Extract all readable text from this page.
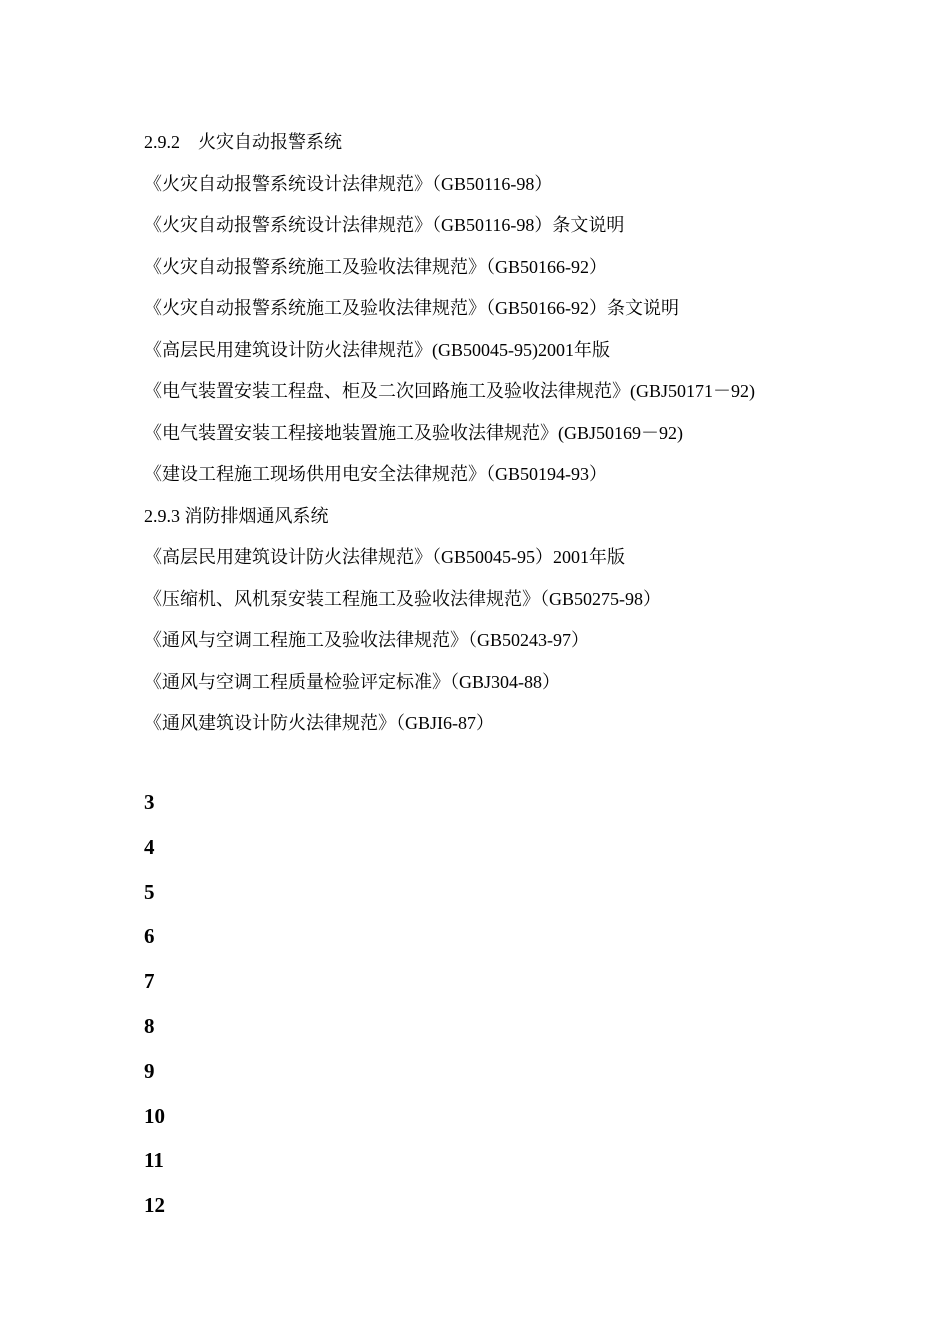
2.9.2　火灾自动报警系统
《火灾自动报警系统设计法律规范》（GB50116-98）
《火灾自动报警系统设计法律规范》（GB50116-98）条文说明
《火灾自动报警系统施工及验收法律规范》（GB50166-92）
《火灾自动报警系统施工及验收法律规范》（GB50166-92）条文说明
《高层民用建筑设计防火法律规范》(GB50045-95)2001年版
《电气装置安装工程盘、柜及二次回路施工及验收法律规范》(GBJ50171－92)
《电气装置安装工程接地装置施工及验收法律规范》(GBJ50169－92)
《建设工程施工现场供用电安全法律规范》（GB50194-93）
2.9.3 消防排烟通风系统
《高层民用建筑设计防火法律规范》（GB50045-95）2001年版
《压缩机、风机泵安装工程施工及验收法律规范》（GB50275-98）
《通风与空调工程施工及验收法律规范》（GB50243-97）
《通风与空调工程质量检验评定标准》（GBJ304-88）
《通风建筑设计防火法律规范》（GBJI6-87）
3
4
5
6
7
8
9
10
11
12
